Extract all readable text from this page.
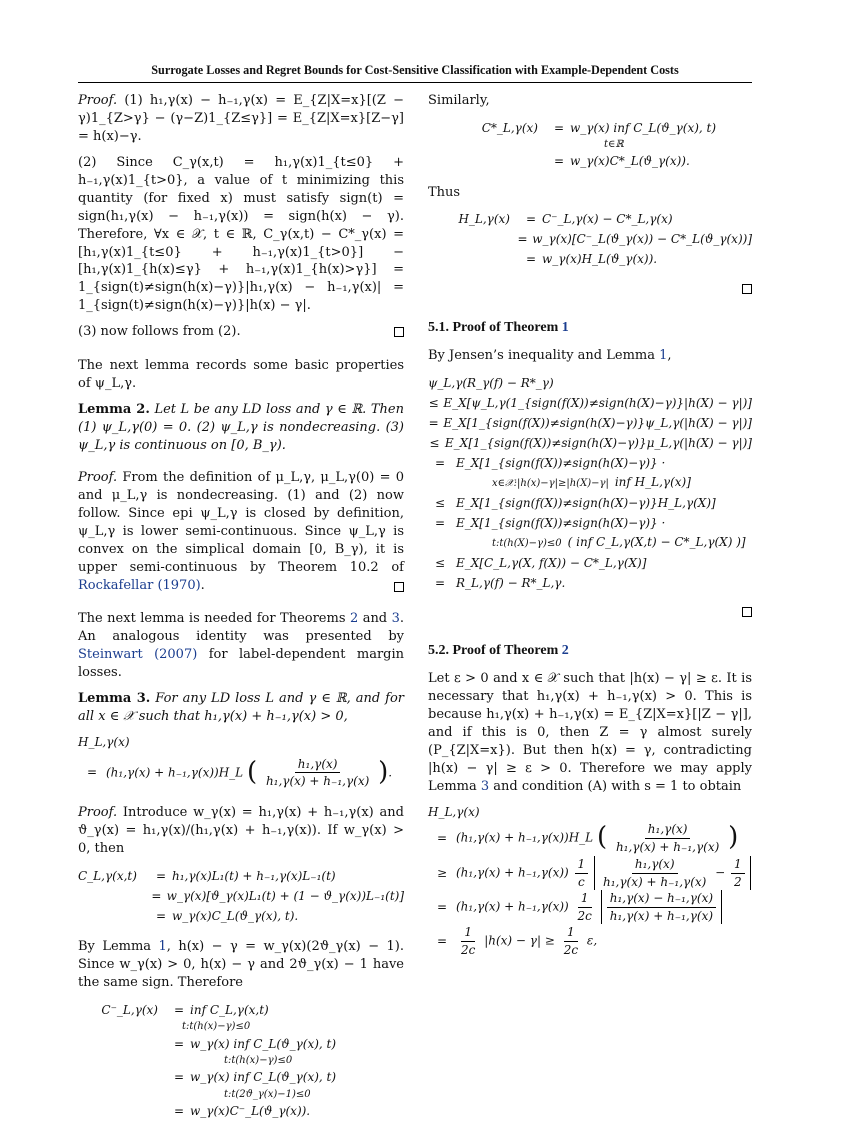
Surrogate Losses and Regret Bounds for Cost-Sensitive Classification with Example-Dependent Costs

Proof. (1) h₁,γ(x) − h₋₁,γ(x) = E_{Z|X=x}[(Z − γ)1_{Z>γ} − (γ−Z)1_{Z≤γ}] = E_{Z|X=x}[Z−γ] = h(x)−γ.

(2) Since C_γ(x,t) = h₁,γ(x)1_{t≤0} + h₋₁,γ(x)1_{t>0}, a value of t minimizing this quantity (for fixed x) must satisfy sign(t) = sign(h₁,γ(x) − h₋₁,γ(x)) = sign(h(x) − γ). Therefore, ∀x ∈ 𝒳, t ∈ ℝ, C_γ(x,t) − C*_γ(x) = [h₁,γ(x)1_{t≤0} + h₋₁,γ(x)1_{t>0}] − [h₁,γ(x)1_{h(x)≤γ} + h₋₁,γ(x)1_{h(x)>γ}] = 1_{sign(t)≠sign(h(x)−γ)}|h₁,γ(x) − h₋₁,γ(x)| = 1_{sign(t)≠sign(h(x)−γ)}|h(x) − γ|.

(3) now follows from (2).

The next lemma records some basic properties of ψ_L,γ.

Lemma 2. Let L be any LD loss and γ ∈ ℝ. Then (1) ψ_L,γ(0) = 0. (2) ψ_L,γ is nondecreasing. (3) ψ_L,γ is continuous on [0, B_γ).

Proof. From the definition of μ_L,γ, μ_L,γ(0) = 0 and μ_L,γ is nondecreasing. (1) and (2) now follow. Since epi ψ_L,γ is closed by definition, ψ_L,γ is lower semi-continuous. Since ψ_L,γ is convex on the simplical domain [0, B_γ), it is upper semi-continuous by Theorem 10.2 of Rockafellar (1970).

The next lemma is needed for Theorems 2 and 3. An analogous identity was presented by Steinwart (2007) for label-dependent margin losses.

Lemma 3. For any LD loss L and γ ∈ ℝ, and for all x ∈ 𝒳 such that h₁,γ(x) + h₋₁,γ(x) > 0,

H_L,γ(x)
= (h₁,γ(x) + h₋₁,γ(x))H_L ( $\frac{\text{h₁,γ(x)}}{\text{h₁,γ(x) + h₋₁,γ(x)}}$ ).

Proof. Introduce w_γ(x) = h₁,γ(x) + h₋₁,γ(x) and ϑ_γ(x) = h₁,γ(x)/(h₁,γ(x) + h₋₁,γ(x)). If w_γ(x) > 0, then

C_L,γ(x,t)	= h₁,γ(x)L₁(t) + h₋₁,γ(x)L₋₁(t)
= w_γ(x)[ϑ_γ(x)L₁(t) + (1 − ϑ_γ(x))L₋₁(t)]
= w_γ(x)C_L(ϑ_γ(x), t).

By Lemma 1, h(x) − γ = w_γ(x)(2ϑ_γ(x) − 1). Since w_γ(x) > 0, h(x) − γ and 2ϑ_γ(x) − 1 have the same sign. Therefore

C⁻_L,γ(x)	= inf C_L,γ(x,t)
t:t(h(x)−γ)≤0
= w_γ(x) inf C_L(ϑ_γ(x), t)
t:t(h(x)−γ)≤0
= w_γ(x) inf C_L(ϑ_γ(x), t)
t:t(2ϑ_γ(x)−1)≤0
= w_γ(x)C⁻_L(ϑ_γ(x)).

Similarly,

C*_L,γ(x)	= w_γ(x) inf C_L(ϑ_γ(x), t)
t∈ℝ
= w_γ(x)C*_L(ϑ_γ(x)).

Thus

H_L,γ(x)	= C⁻_L,γ(x) − C*_L,γ(x)
= w_γ(x)[C⁻_L(ϑ_γ(x)) − C*_L(ϑ_γ(x))]
= w_γ(x)H_L(ϑ_γ(x)).
5.1. Proof of Theorem 1

By Jensen’s inequality and Lemma 1,

ψ_L,γ(R_γ(f) − R*_γ)
≤ E_X[ψ_L,γ(1_{sign(f(X))≠sign(h(X)−γ)}|h(X) − γ|)]
= E_X[1_{sign(f(X))≠sign(h(X)−γ)}ψ_L,γ(|h(X) − γ|)]
≤ E_X[1_{sign(f(X))≠sign(h(X)−γ)}μ_L,γ(|h(X) − γ|)]
= E_X[1_{sign(f(X))≠sign(h(X)−γ)} ·
x∈𝒳:|h(x)−γ|≥|h(X)−γ| inf H_L,γ(x)]
≤ E_X[1_{sign(f(X))≠sign(h(X)−γ)}H_L,γ(X)]
= E_X[1_{sign(f(X))≠sign(h(X)−γ)} ·
t:t(h(X)−γ)≤0 ( inf C_L,γ(X,t) − C*_L,γ(X) )]
≤ E_X[C_L,γ(X, f(X)) − C*_L,γ(X)]
= R_L,γ(f) − R*_L,γ.
5.2. Proof of Theorem 2

Let ε > 0 and x ∈ 𝒳 such that |h(x) − γ| ≥ ε. It is necessary that h₁,γ(x) + h₋₁,γ(x) > 0. This is because h₁,γ(x) + h₋₁,γ(x) = E_{Z|X=x}[|Z − γ|], and if this is 0, then Z = γ almost surely (P_{Z|X=x}). But then h(x) = γ, contradicting |h(x) − γ| ≥ ε > 0. Therefore we may apply Lemma 3 and condition (A) with s = 1 to obtain

H_L,γ(x)
= (h₁,γ(x) + h₋₁,γ(x))H_L ( $\frac{\text{h₁,γ(x)}}{\text{h₁,γ(x) + h₋₁,γ(x)}}$ )
≥ $(h_1,\gamma(x) + h_{-1},\gamma(x)) \frac{1}{c}$
$\frac{\text{h₁,γ(x)}}{\text{h₁,γ(x) + h₋₁,γ(x)}} - \frac{1}{2}$
= $(h_1,\gamma(x) + h_{-1},\gamma(x)) \frac{1}{2c}$
$\frac{\text{h₁,γ(x) − h₋₁,γ(x)}}{\text{h₁,γ(x) + h₋₁,γ(x)}}$
= $\frac{1}{2c} |h(x) - \gamma| \ge \frac{1}{2c} \varepsilon$,
